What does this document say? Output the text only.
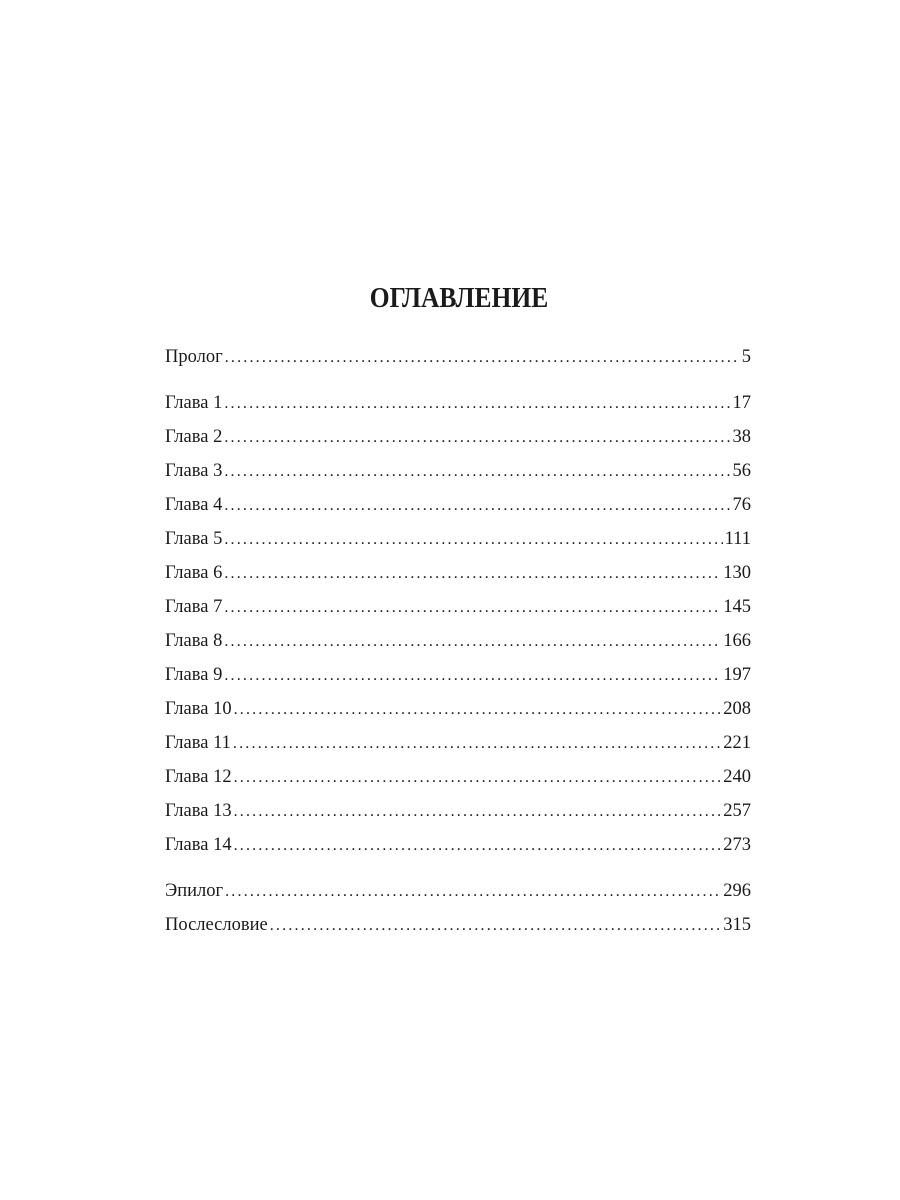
ОГЛАВЛЕНИЕ
Пролог .....	5
Глава 1 .....	17
Глава 2 .....	38
Глава 3 .....	56
Глава 4 .....	76
Глава 5 .....	111
Глава 6 .....	130
Глава 7 .....	145
Глава 8 .....	166
Глава 9 .....	197
Глава 10 .....	208
Глава 11 .....	221
Глава 12 .....	240
Глава 13 .....	257
Глава 14 .....	273
Эпилог .....	296
Послесловие .....	315
